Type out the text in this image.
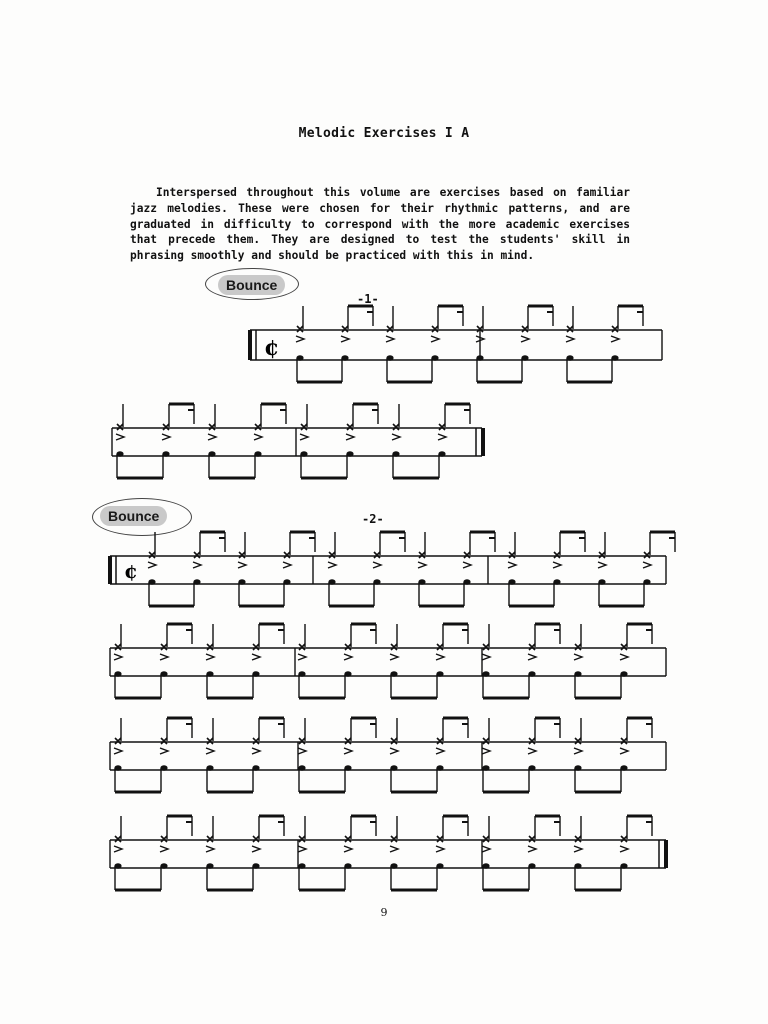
Melodic Exercises I A

Interspersed throughout this volume are exercises based on familiar jazz melodies. These were chosen for their rhythmic patterns, and are graduated in difficulty to correspond with the more academic exercises that precede them. They are designed to test the students' skill in phrasing smoothly and should be practiced with this in mind.

Bounce
-1-
Bounce	-2-
¢
¢
9
